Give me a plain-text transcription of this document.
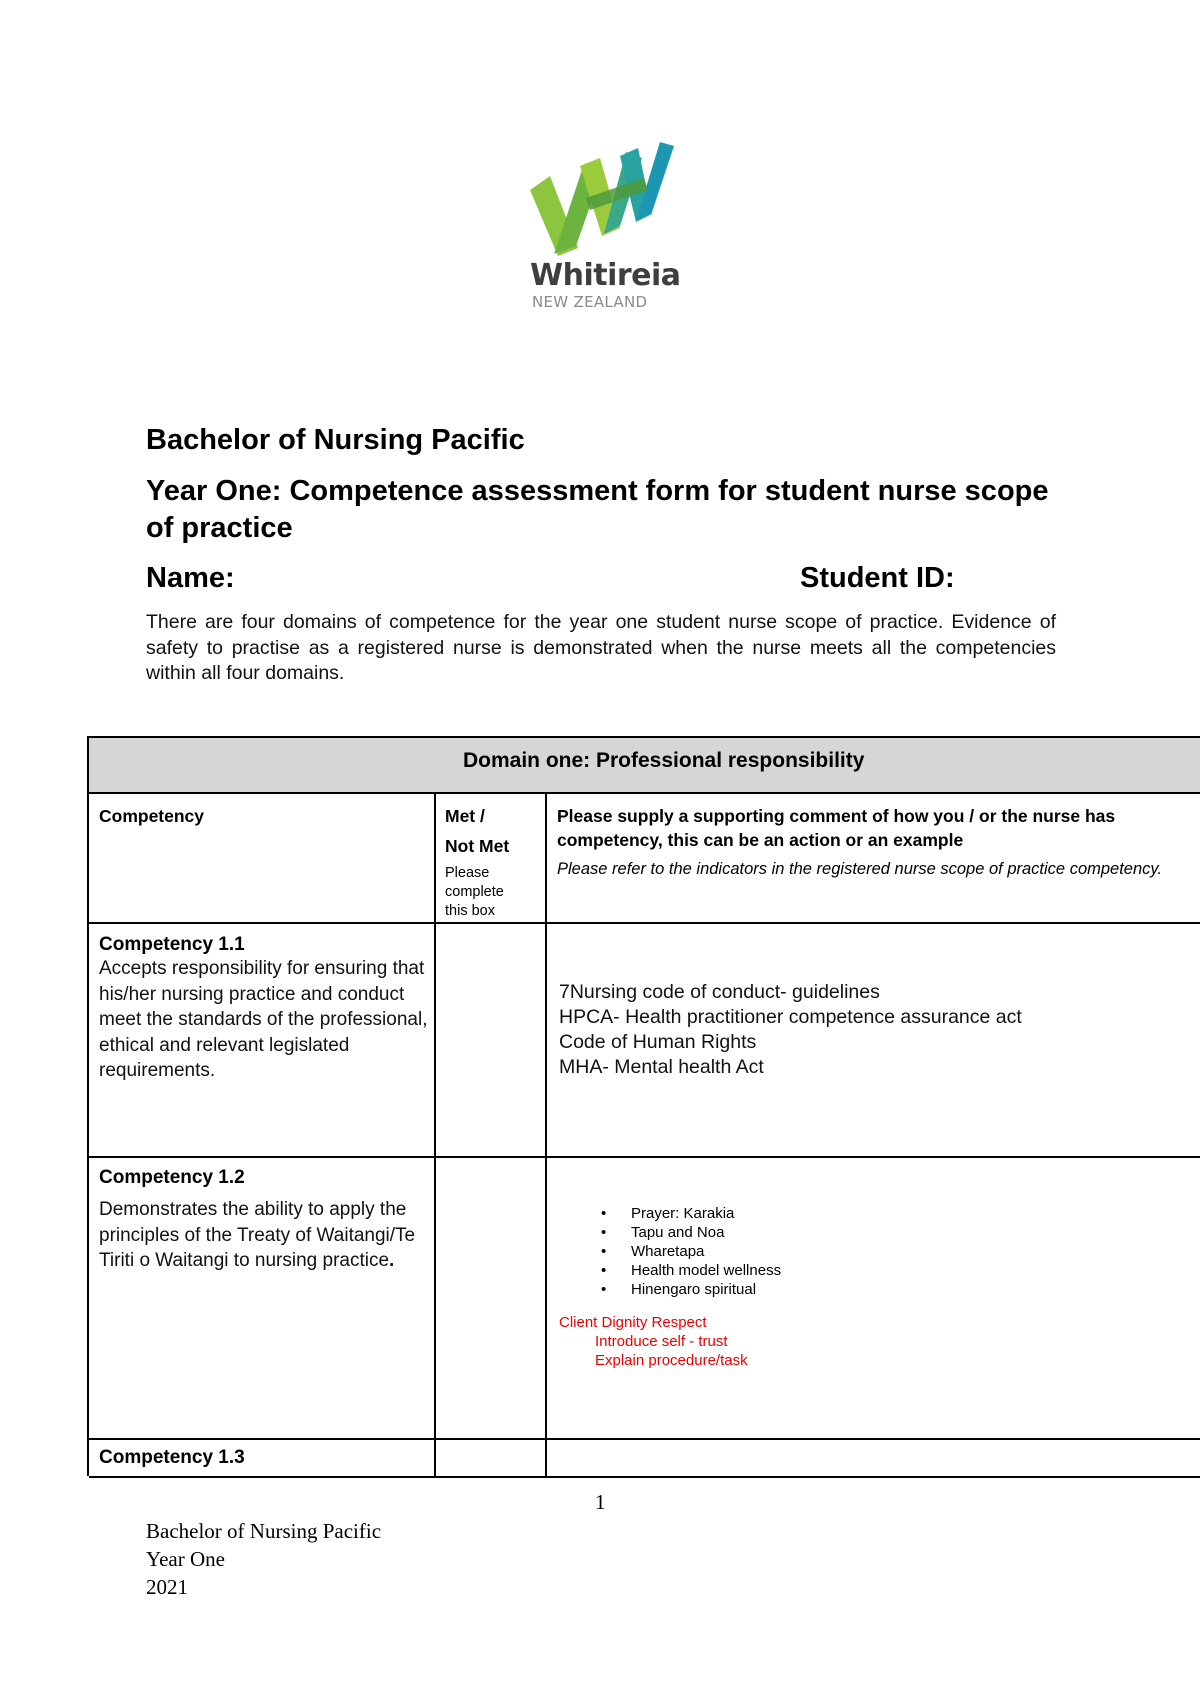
Whitireia
NEW ZEALAND
Bachelor of Nursing Pacific
Year One: Competence assessment form for student nurse scope of practice
Name:	Student ID:
There are four domains of competence for the year one student nurse scope of practice. Evidence of safety to practise as a registered nurse is demonstrated when the nurse meets all the competencies within all four domains.
Domain one: Professional responsibility
Competency	Met /
Not Met
Please
complete
this box
Please supply a supporting comment of how you / or the nurse has
competency, this can be an action or an example
Please refer to the indicators in the registered nurse scope of practice competency.
Competency 1.1
Accepts responsibility for ensuring that his/her nursing practice and conduct meet the standards of the professional, ethical and relevant legislated requirements.
7Nursing code of conduct- guidelines
HPCA- Health practitioner competence assurance act
Code of Human Rights
MHA- Mental health Act
Competency 1.2
Demonstrates the ability to apply the principles of the Treaty of Waitangi/Te Tiriti o Waitangi to nursing practice.
• Prayer: Karakia
• Tapu and Noa
• Wharetapa
• Health model wellness
• Hinengaro spiritual
Client Dignity Respect
Introduce self - trust
Explain procedure/task
Competency 1.3
1
Bachelor of Nursing Pacific
Year One
2021
